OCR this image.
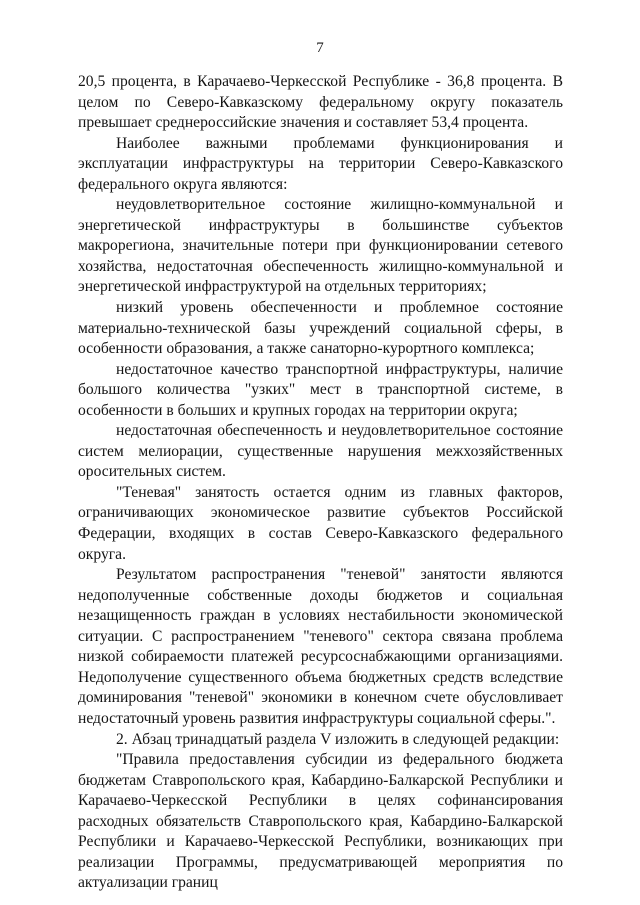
7

20,5 процента, в Карачаево-Черкесской Республике - 36,8 процента. В целом по Северо-Кавказскому федеральному округу показатель превышает среднероссийские значения и составляет 53,4 процента.

Наиболее важными проблемами функционирования и эксплуатации инфраструктуры на территории Северо-Кавказского федерального округа являются:

неудовлетворительное состояние жилищно-коммунальной и энергетической инфраструктуры в большинстве субъектов макрорегиона, значительные потери при функционировании сетевого хозяйства, недостаточная обеспеченность жилищно-коммунальной и энергетической инфраструктурой на отдельных территориях;

низкий уровень обеспеченности и проблемное состояние материально-технической базы учреждений социальной сферы, в особенности образования, а также санаторно-курортного комплекса;

недостаточное качество транспортной инфраструктуры, наличие большого количества "узких" мест в транспортной системе, в особенности в больших и крупных городах на территории округа;

недостаточная обеспеченность и неудовлетворительное состояние систем мелиорации, существенные нарушения межхозяйственных оросительных систем.

"Теневая" занятость остается одним из главных факторов, ограничивающих экономическое развитие субъектов Российской Федерации, входящих в состав Северо-Кавказского федерального округа.

Результатом распространения "теневой" занятости являются недополученные собственные доходы бюджетов и социальная незащищенность граждан в условиях нестабильности экономической ситуации. С распространением "теневого" сектора связана проблема низкой собираемости платежей ресурсоснабжающими организациями. Недополучение существенного объема бюджетных средств вследствие доминирования "теневой" экономики в конечном счете обусловливает недостаточный уровень развития инфраструктуры социальной сферы.".

2. Абзац тринадцатый раздела V изложить в следующей редакции:

"Правила предоставления субсидии из федерального бюджета бюджетам Ставропольского края, Кабардино-Балкарской Республики и Карачаево-Черкесской Республики в целях софинансирования расходных обязательств Ставропольского края, Кабардино-Балкарской Республики и Карачаево-Черкесской Республики, возникающих при реализации Программы, предусматривающей мероприятия по актуализации границ
